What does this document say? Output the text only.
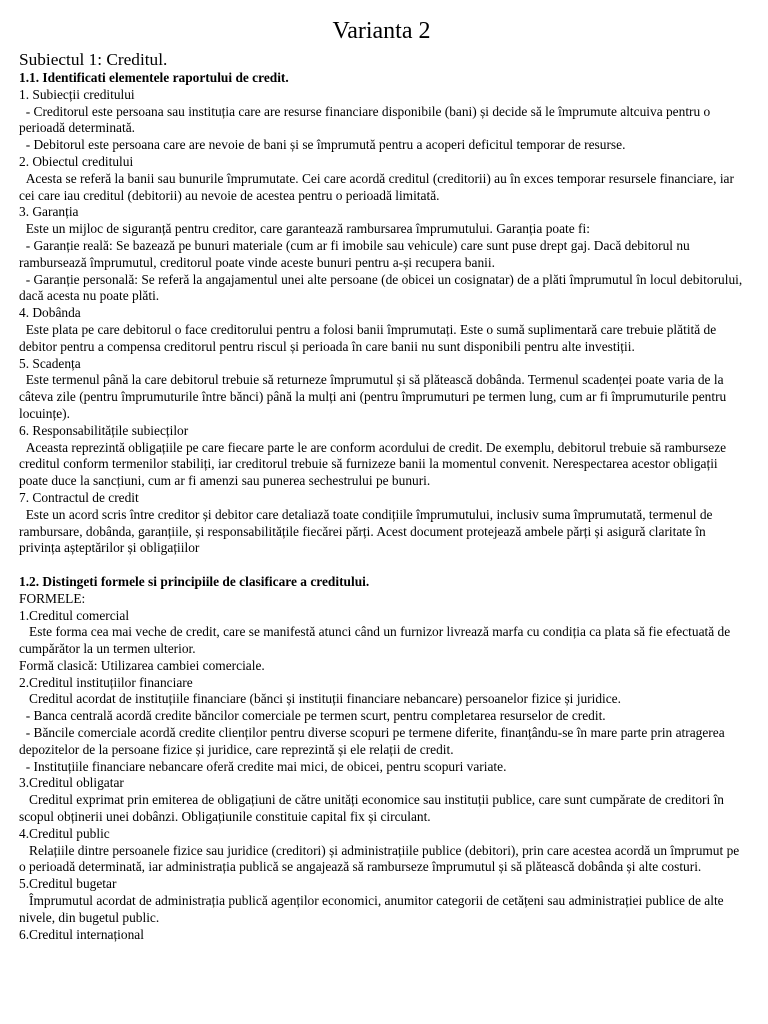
Varianta 2

Subiectul 1: Creditul.

1.1. Identificati elementele raportului de credit.

1. Subiecții creditului

- Creditorul este persoana sau instituția care are resurse financiare disponibile (bani) și decide să le împrumute altcuiva pentru o perioadă determinată.

- Debitorul este persoana care are nevoie de bani și se împrumută pentru a acoperi deficitul temporar de resurse.

2. Obiectul creditului

Acesta se referă la banii sau bunurile împrumutate. Cei care acordă creditul (creditorii) au în exces temporar resursele financiare, iar cei care iau creditul (debitorii) au nevoie de acestea pentru o perioadă limitată.

3. Garanția

Este un mijloc de siguranță pentru creditor, care garantează rambursarea împrumutului. Garanția poate fi:

- Garanție reală: Se bazează pe bunuri materiale (cum ar fi imobile sau vehicule) care sunt puse drept gaj. Dacă debitorul nu rambursează împrumutul, creditorul poate vinde aceste bunuri pentru a-și recupera banii.

- Garanție personală: Se referă la angajamentul unei alte persoane (de obicei un cosignatar) de a plăti împrumutul în locul debitorului, dacă acesta nu poate plăti.

4. Dobânda

Este plata pe care debitorul o face creditorului pentru a folosi banii împrumutați. Este o sumă suplimentară care trebuie plătită de debitor pentru a compensa creditorul pentru riscul și perioada în care banii nu sunt disponibili pentru alte investiții.

5. Scadența

Este termenul până la care debitorul trebuie să returneze împrumutul și să plătească dobânda. Termenul scadenței poate varia de la câteva zile (pentru împrumuturile între bănci) până la mulți ani (pentru împrumuturi pe termen lung, cum ar fi împrumuturile pentru locuințe).

6. Responsabilitățile subiecților

Aceasta reprezintă obligațiile pe care fiecare parte le are conform acordului de credit. De exemplu, debitorul trebuie să ramburseze creditul conform termenilor stabiliți, iar creditorul trebuie să furnizeze banii la momentul convenit. Nerespectarea acestor obligații poate duce la sancțiuni, cum ar fi amenzi sau punerea sechestrului pe bunuri.

7. Contractul de credit

Este un acord scris între creditor și debitor care detaliază toate condițiile împrumutului, inclusiv suma împrumutată, termenul de rambursare, dobânda, garanțiile, și responsabilitățile fiecărei părți. Acest document protejează ambele părți și asigură claritate în privința așteptărilor și obligațiilor

1.2. Distingeti formele si principiile de clasificare a creditului.

FORMELE:

1.Creditul comercial

Este forma cea mai veche de credit, care se manifestă atunci când un furnizor livrează marfa cu condiția ca plata să fie efectuată de cumpărător la un termen ulterior.

Formă clasică: Utilizarea cambiei comerciale.

2.Creditul instituțiilor financiare

Creditul acordat de instituțiile financiare (bănci și instituții financiare nebancare) persoanelor fizice și juridice.

- Banca centrală acordă credite băncilor comerciale pe termen scurt, pentru completarea resurselor de credit.

- Băncile comerciale acordă credite clienților pentru diverse scopuri pe termene diferite, finanțându-se în mare parte prin atragerea depozitelor de la persoane fizice și juridice, care reprezintă și ele relații de credit.

- Instituțiile financiare nebancare oferă credite mai mici, de obicei, pentru scopuri variate.

3.Creditul obligatar

Creditul exprimat prin emiterea de obligațiuni de către unități economice sau instituții publice, care sunt cumpărate de creditori în scopul obținerii unei dobânzi. Obligațiunile constituie capital fix și circulant.

4.Creditul public

Relațiile dintre persoanele fizice sau juridice (creditori) și administrațiile publice (debitori), prin care acestea acordă un împrumut pe o perioadă determinată, iar administrația publică se angajează să ramburseze împrumutul și să plătească dobânda și alte costuri.

5.Creditul bugetar

Împrumutul acordat de administrația publică agenților economici, anumitor categorii de cetățeni sau administrației publice de alte nivele, din bugetul public.

6.Creditul internațional
